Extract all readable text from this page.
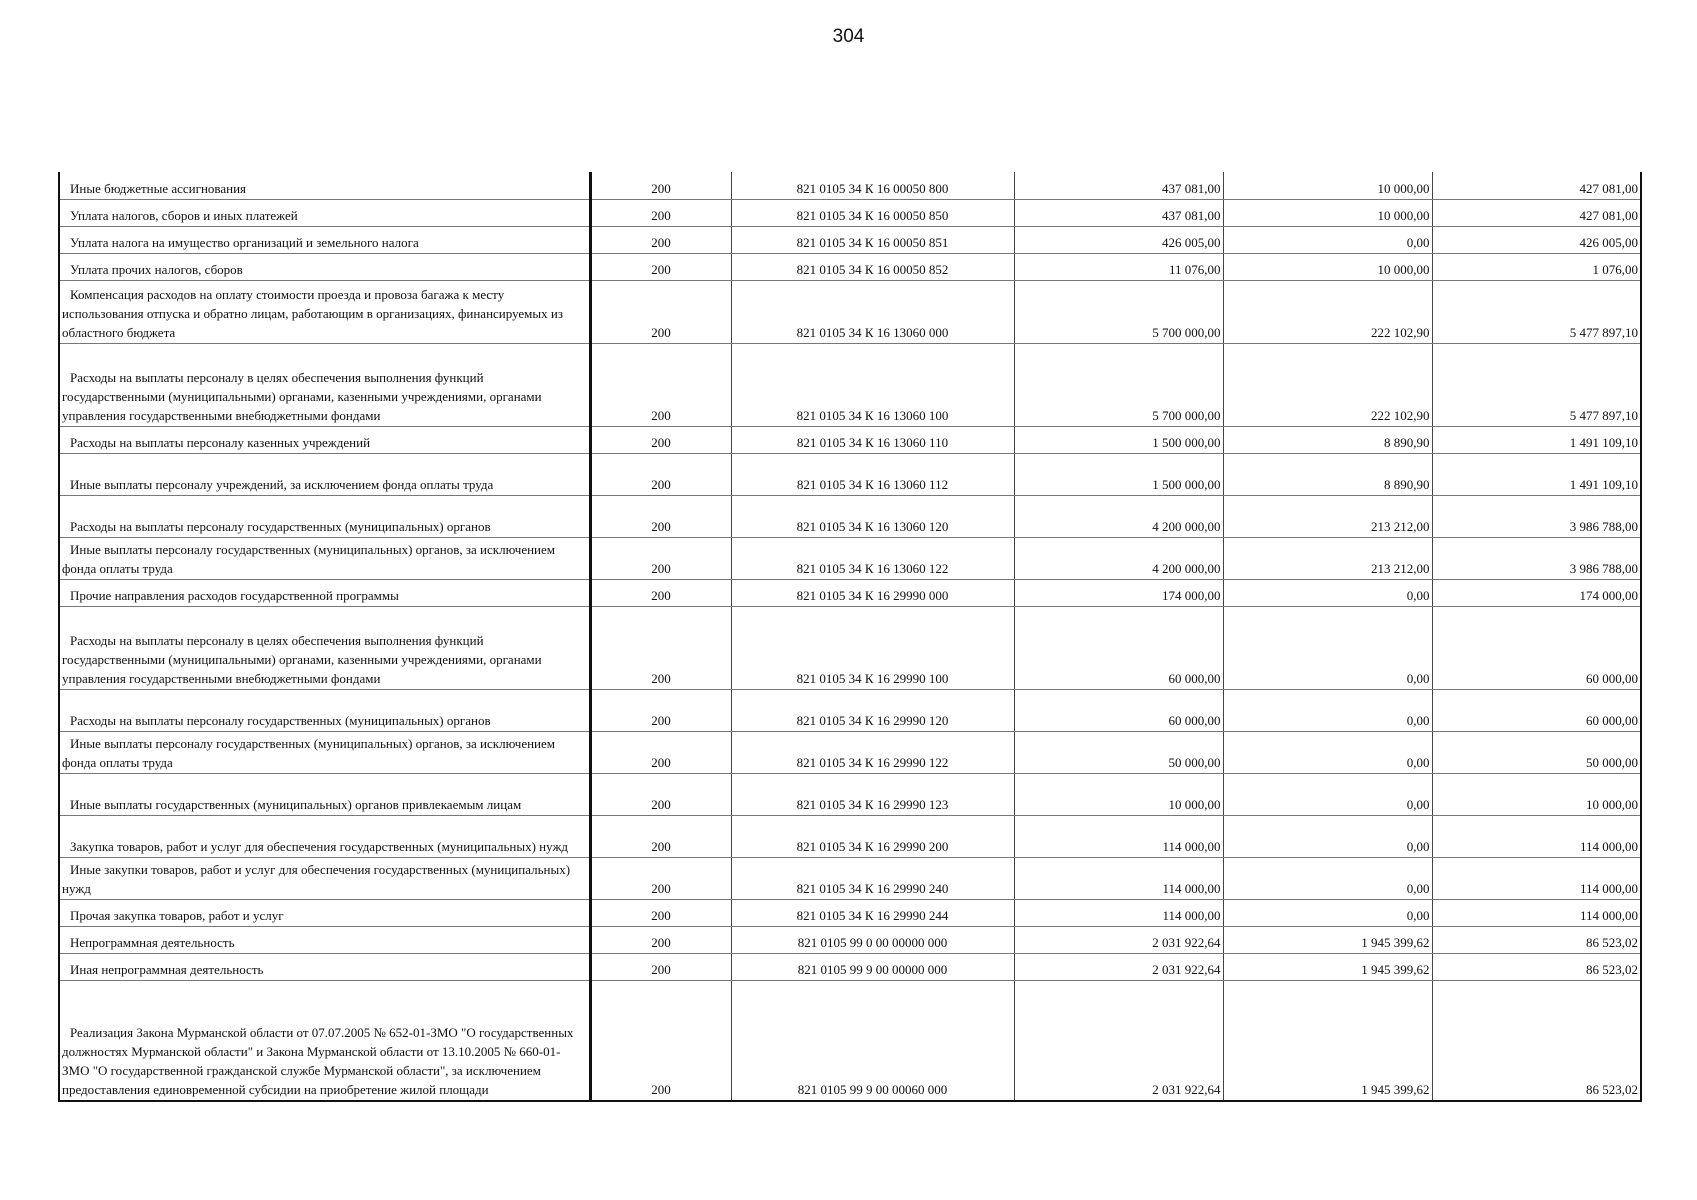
304
Иные бюджетные ассигнования	200	821 0105 34 К 16 00050 800	437 081,00	10 000,00	427 081,00

Уплата налогов, сборов и иных платежей	200	821 0105 34 К 16 00050 850	437 081,00	10 000,00	427 081,00

Уплата налога на имущество организаций и земельного налога	200	821 0105 34 К 16 00050 851	426 005,00	0,00	426 005,00

Уплата прочих налогов, сборов	200	821 0105 34 К 16 00050 852	11 076,00	10 000,00	1 076,00

Компенсация расходов на оплату стоимости проезда и провоза багажа к месту использования отпуска и обратно лицам, работающим в организациях, финансируемых из областного бюджета	200	821 0105 34 К 16 13060 000	5 700 000,00	222 102,90	5 477 897,10

Расходы на выплаты персоналу в целях обеспечения выполнения функций государственными (муниципальными) органами, казенными учреждениями, органами управления государственными внебюджетными фондами	200	821 0105 34 К 16 13060 100	5 700 000,00	222 102,90	5 477 897,10

Расходы на выплаты персоналу казенных учреждений	200	821 0105 34 К 16 13060 110	1 500 000,00	8 890,90	1 491 109,10

Иные выплаты персоналу учреждений, за исключением фонда оплаты труда	200	821 0105 34 К 16 13060 112	1 500 000,00	8 890,90	1 491 109,10

Расходы на выплаты персоналу государственных (муниципальных) органов	200	821 0105 34 К 16 13060 120	4 200 000,00	213 212,00	3 986 788,00

Иные выплаты персоналу государственных (муниципальных) органов, за исключением фонда оплаты труда	200	821 0105 34 К 16 13060 122	4 200 000,00	213 212,00	3 986 788,00

Прочие направления расходов государственной программы	200	821 0105 34 К 16 29990 000	174 000,00	0,00	174 000,00

Расходы на выплаты персоналу в целях обеспечения выполнения функций государственными (муниципальными) органами, казенными учреждениями, органами управления государственными внебюджетными фондами	200	821 0105 34 К 16 29990 100	60 000,00	0,00	60 000,00

Расходы на выплаты персоналу государственных (муниципальных) органов	200	821 0105 34 К 16 29990 120	60 000,00	0,00	60 000,00

Иные выплаты персоналу государственных (муниципальных) органов, за исключением фонда оплаты труда	200	821 0105 34 К 16 29990 122	50 000,00	0,00	50 000,00

Иные выплаты государственных (муниципальных) органов привлекаемым лицам	200	821 0105 34 К 16 29990 123	10 000,00	0,00	10 000,00

Закупка товаров, работ и услуг для обеспечения государственных (муниципальных) нужд	200	821 0105 34 К 16 29990 200	114 000,00	0,00	114 000,00

Иные закупки товаров, работ и услуг для обеспечения государственных (муниципальных) нужд	200	821 0105 34 К 16 29990 240	114 000,00	0,00	114 000,00

Прочая закупка товаров, работ и услуг	200	821 0105 34 К 16 29990 244	114 000,00	0,00	114 000,00

Непрограммная деятельность	200	821 0105 99 0 00 00000 000	2 031 922,64	1 945 399,62	86 523,02

Иная непрограммная деятельность	200	821 0105 99 9 00 00000 000	2 031 922,64	1 945 399,62	86 523,02

Реализация Закона Мурманской области от 07.07.2005 № 652-01-ЗМО "О государственных должностях Мурманской области" и Закона Мурманской области от 13.10.2005 № 660-01-ЗМО "О государственной гражданской службе Мурманской области", за исключением предоставления единовременной субсидии на приобретение жилой площади	200	821 0105 99 9 00 00060 000	2 031 922,64	1 945 399,62	86 523,02
